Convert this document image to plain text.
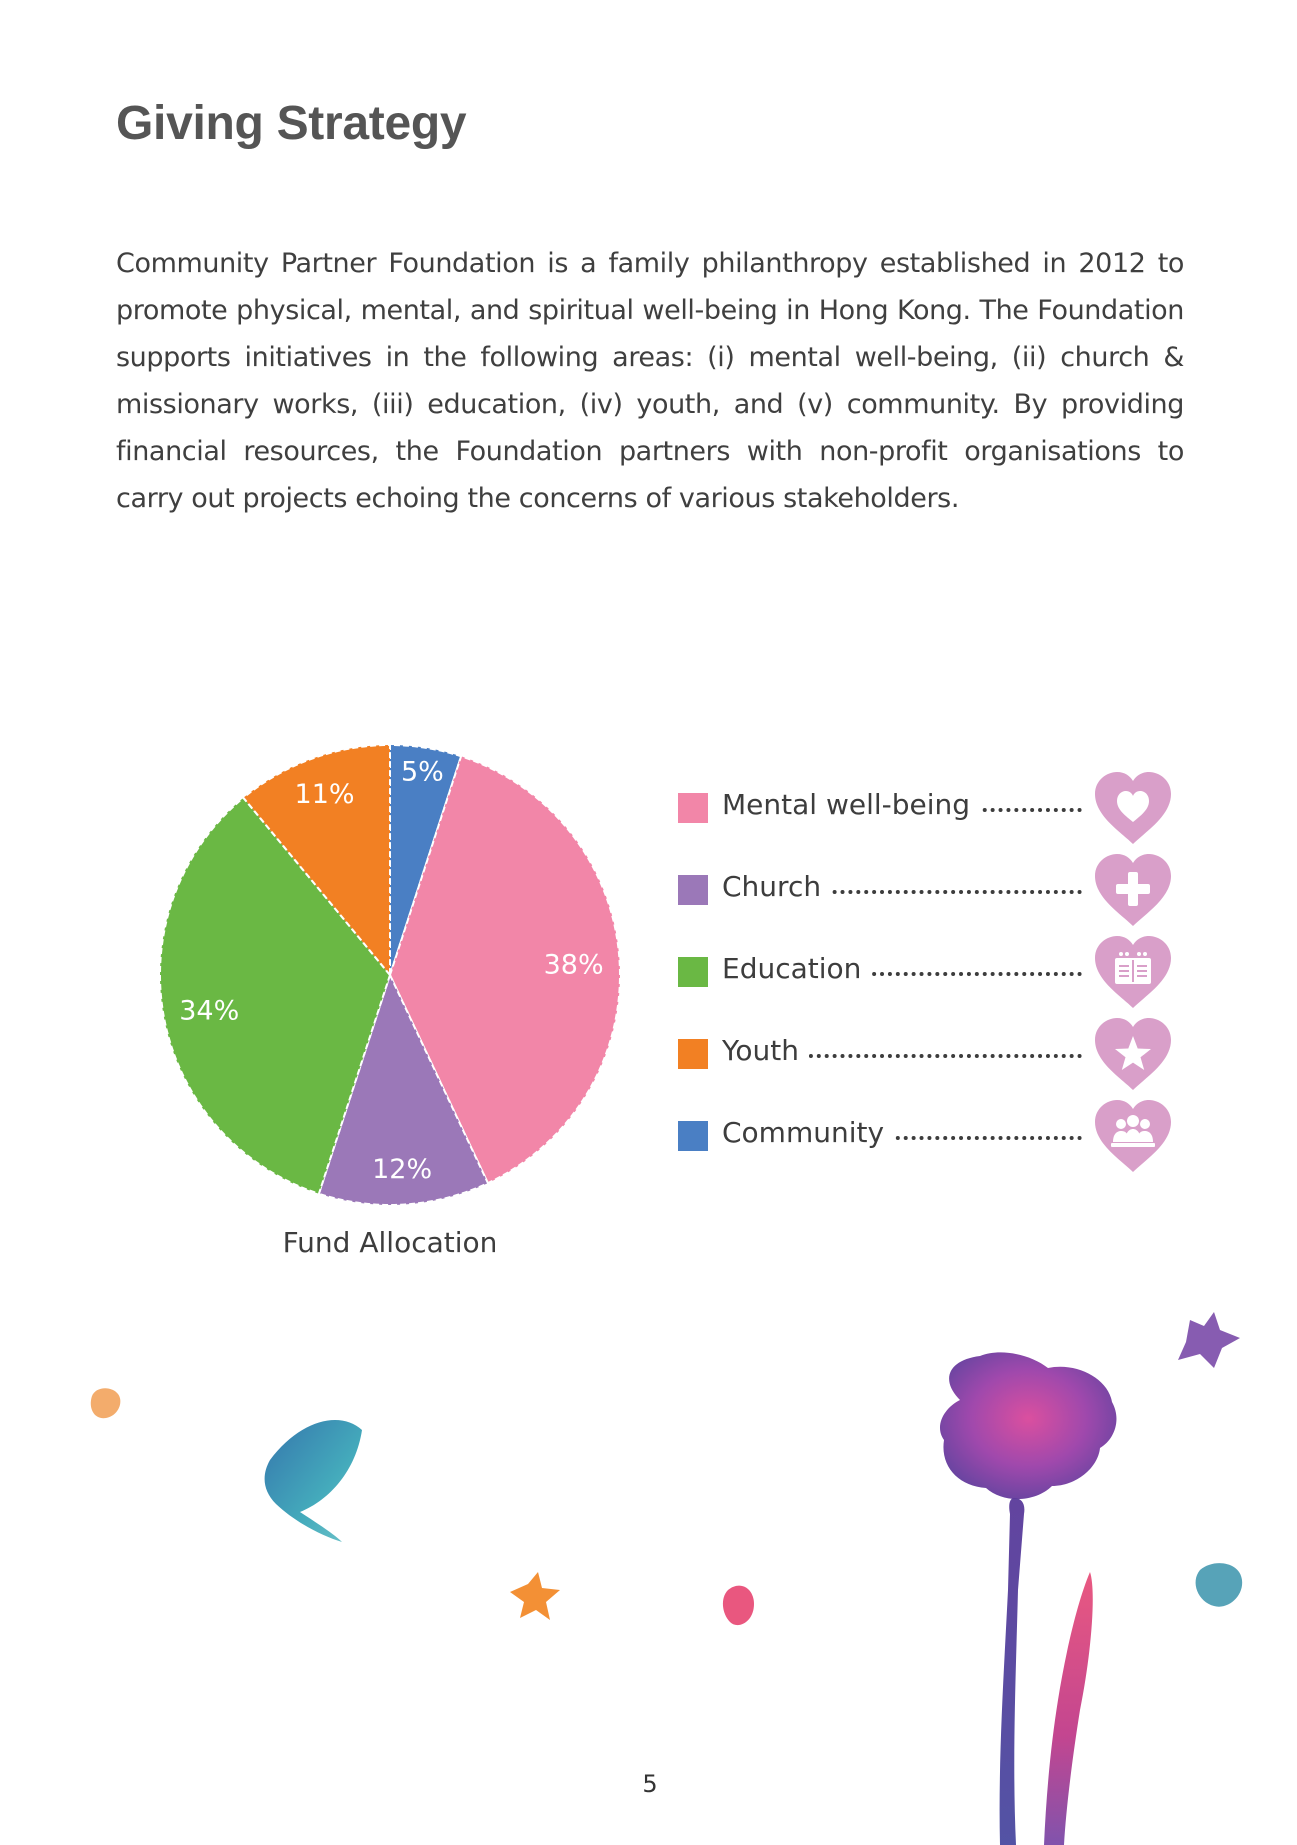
Giving Strategy

Community Partner Foundation is a family philanthropy established in 2012 to promote physical, mental, and spiritual well-being in Hong Kong. The Foundation supports initiatives in the following areas: (i) mental well-being, (ii) church & missionary works, (iii) education, (iv) youth, and (v) community. By providing financial resources, the Foundation partners with non-profit organisations to carry out projects echoing the concerns of various stakeholders.

5%
38%
12%
34%
11%
Fund Allocation
Mental well-being
Church
Education
Youth
Community
5
